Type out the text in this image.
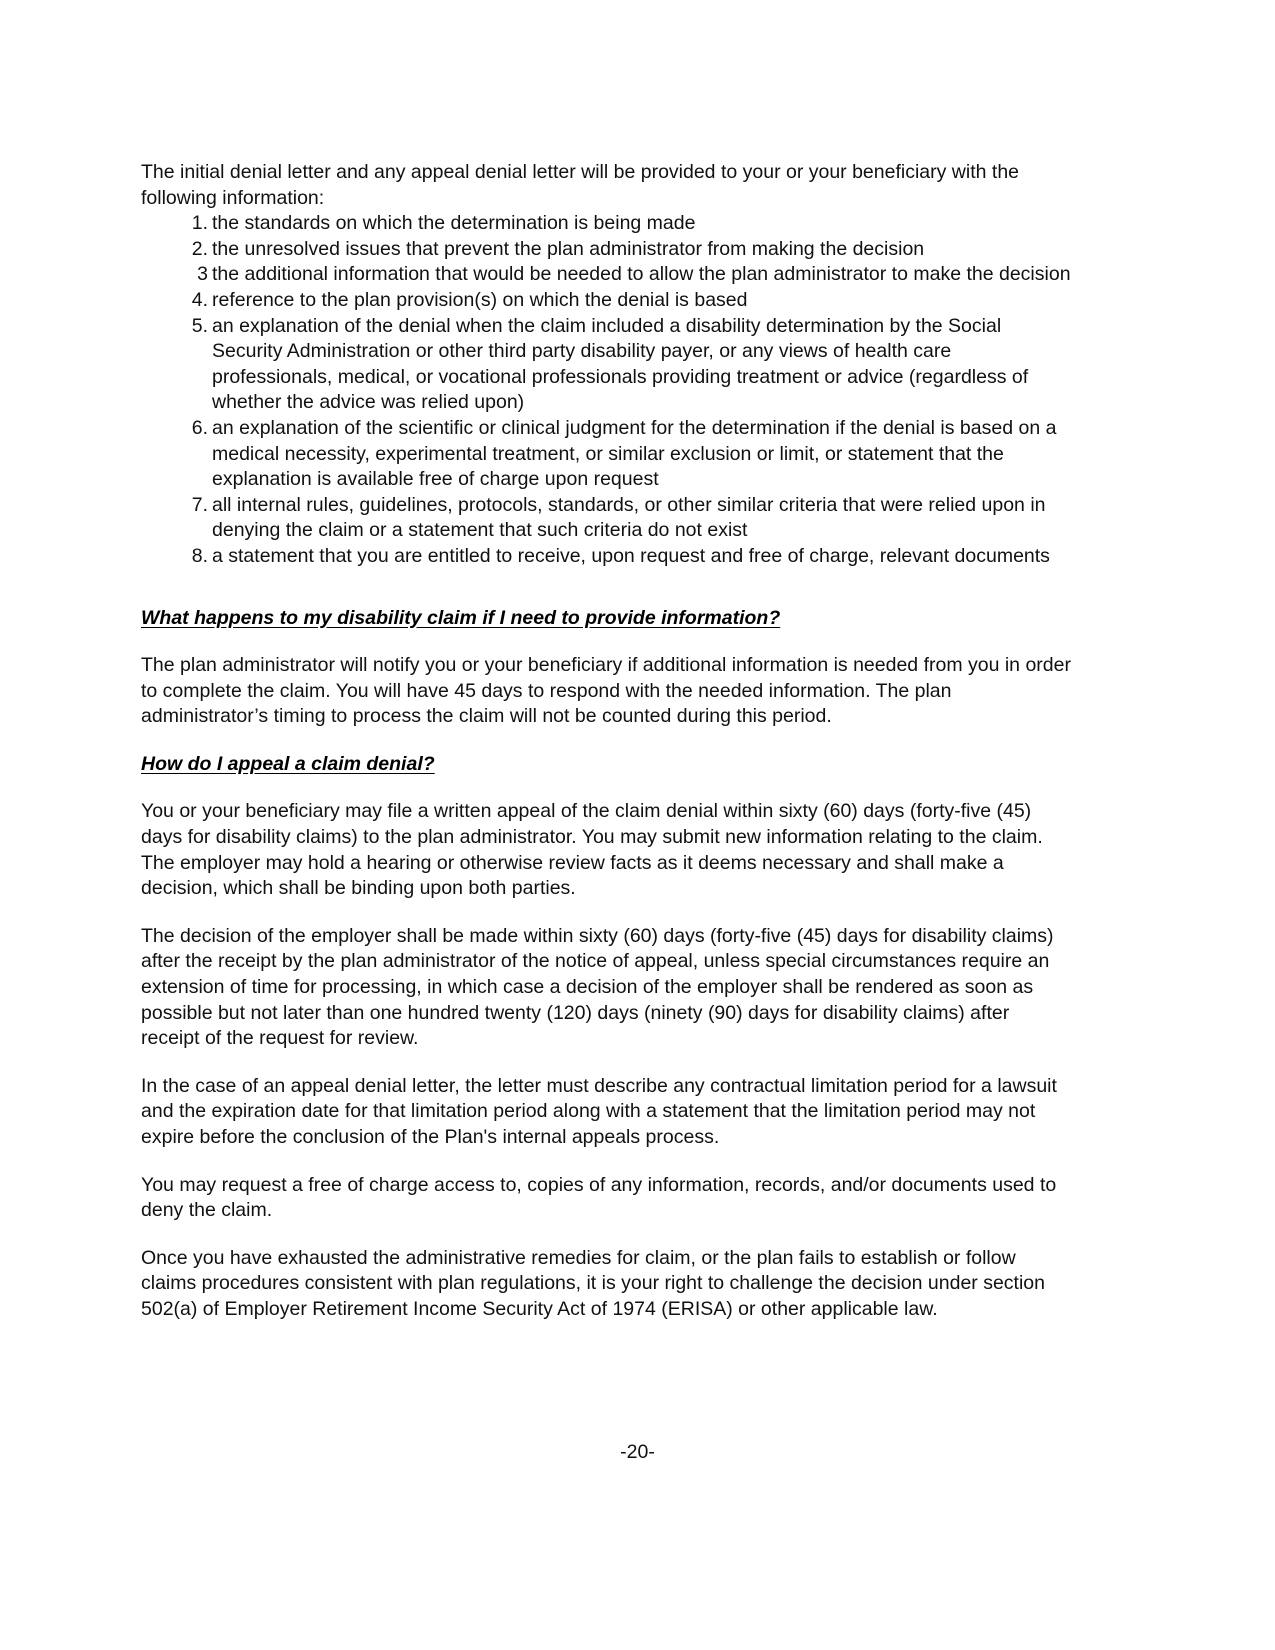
The initial denial letter and any appeal denial letter will be provided to your or your beneficiary with the following information:

1. the standards on which the determination is being made
2. the unresolved issues that prevent the plan administrator from making the decision
3 the additional information that would be needed to allow the plan administrator to make the decision
4. reference to the plan provision(s) on which the denial is based
5. an explanation of the denial when the claim included a disability determination by the Social Security Administration or other third party disability payer, or any views of health care professionals, medical, or vocational professionals providing treatment or advice (regardless of whether the advice was relied upon)
6. an explanation of the scientific or clinical judgment for the determination if the denial is based on a medical necessity, experimental treatment, or similar exclusion or limit, or statement that the explanation is available free of charge upon request
7. all internal rules, guidelines, protocols, standards, or other similar criteria that were relied upon in denying the claim or a statement that such criteria do not exist
8. a statement that you are entitled to receive, upon request and free of charge, relevant documents
What happens to my disability claim if I need to provide information?

The plan administrator will notify you or your beneficiary if additional information is needed from you in order to complete the claim. You will have 45 days to respond with the needed information. The plan administrator’s timing to process the claim will not be counted during this period.

How do I appeal a claim denial?

You or your beneficiary may file a written appeal of the claim denial within sixty (60) days (forty-five (45) days for disability claims) to the plan administrator. You may submit new information relating to the claim. The employer may hold a hearing or otherwise review facts as it deems necessary and shall make a decision, which shall be binding upon both parties.

The decision of the employer shall be made within sixty (60) days (forty-five (45) days for disability claims) after the receipt by the plan administrator of the notice of appeal, unless special circumstances require an extension of time for processing, in which case a decision of the employer shall be rendered as soon as possible but not later than one hundred twenty (120) days (ninety (90) days for disability claims) after receipt of the request for review.

In the case of an appeal denial letter, the letter must describe any contractual limitation period for a lawsuit and the expiration date for that limitation period along with a statement that the limitation period may not expire before the conclusion of the Plan's internal appeals process.

You may request a free of charge access to, copies of any information, records, and/or documents used to deny the claim.

Once you have exhausted the administrative remedies for claim, or the plan fails to establish or follow claims procedures consistent with plan regulations, it is your right to challenge the decision under section 502(a) of Employer Retirement Income Security Act of 1974 (ERISA) or other applicable law.

-20-
